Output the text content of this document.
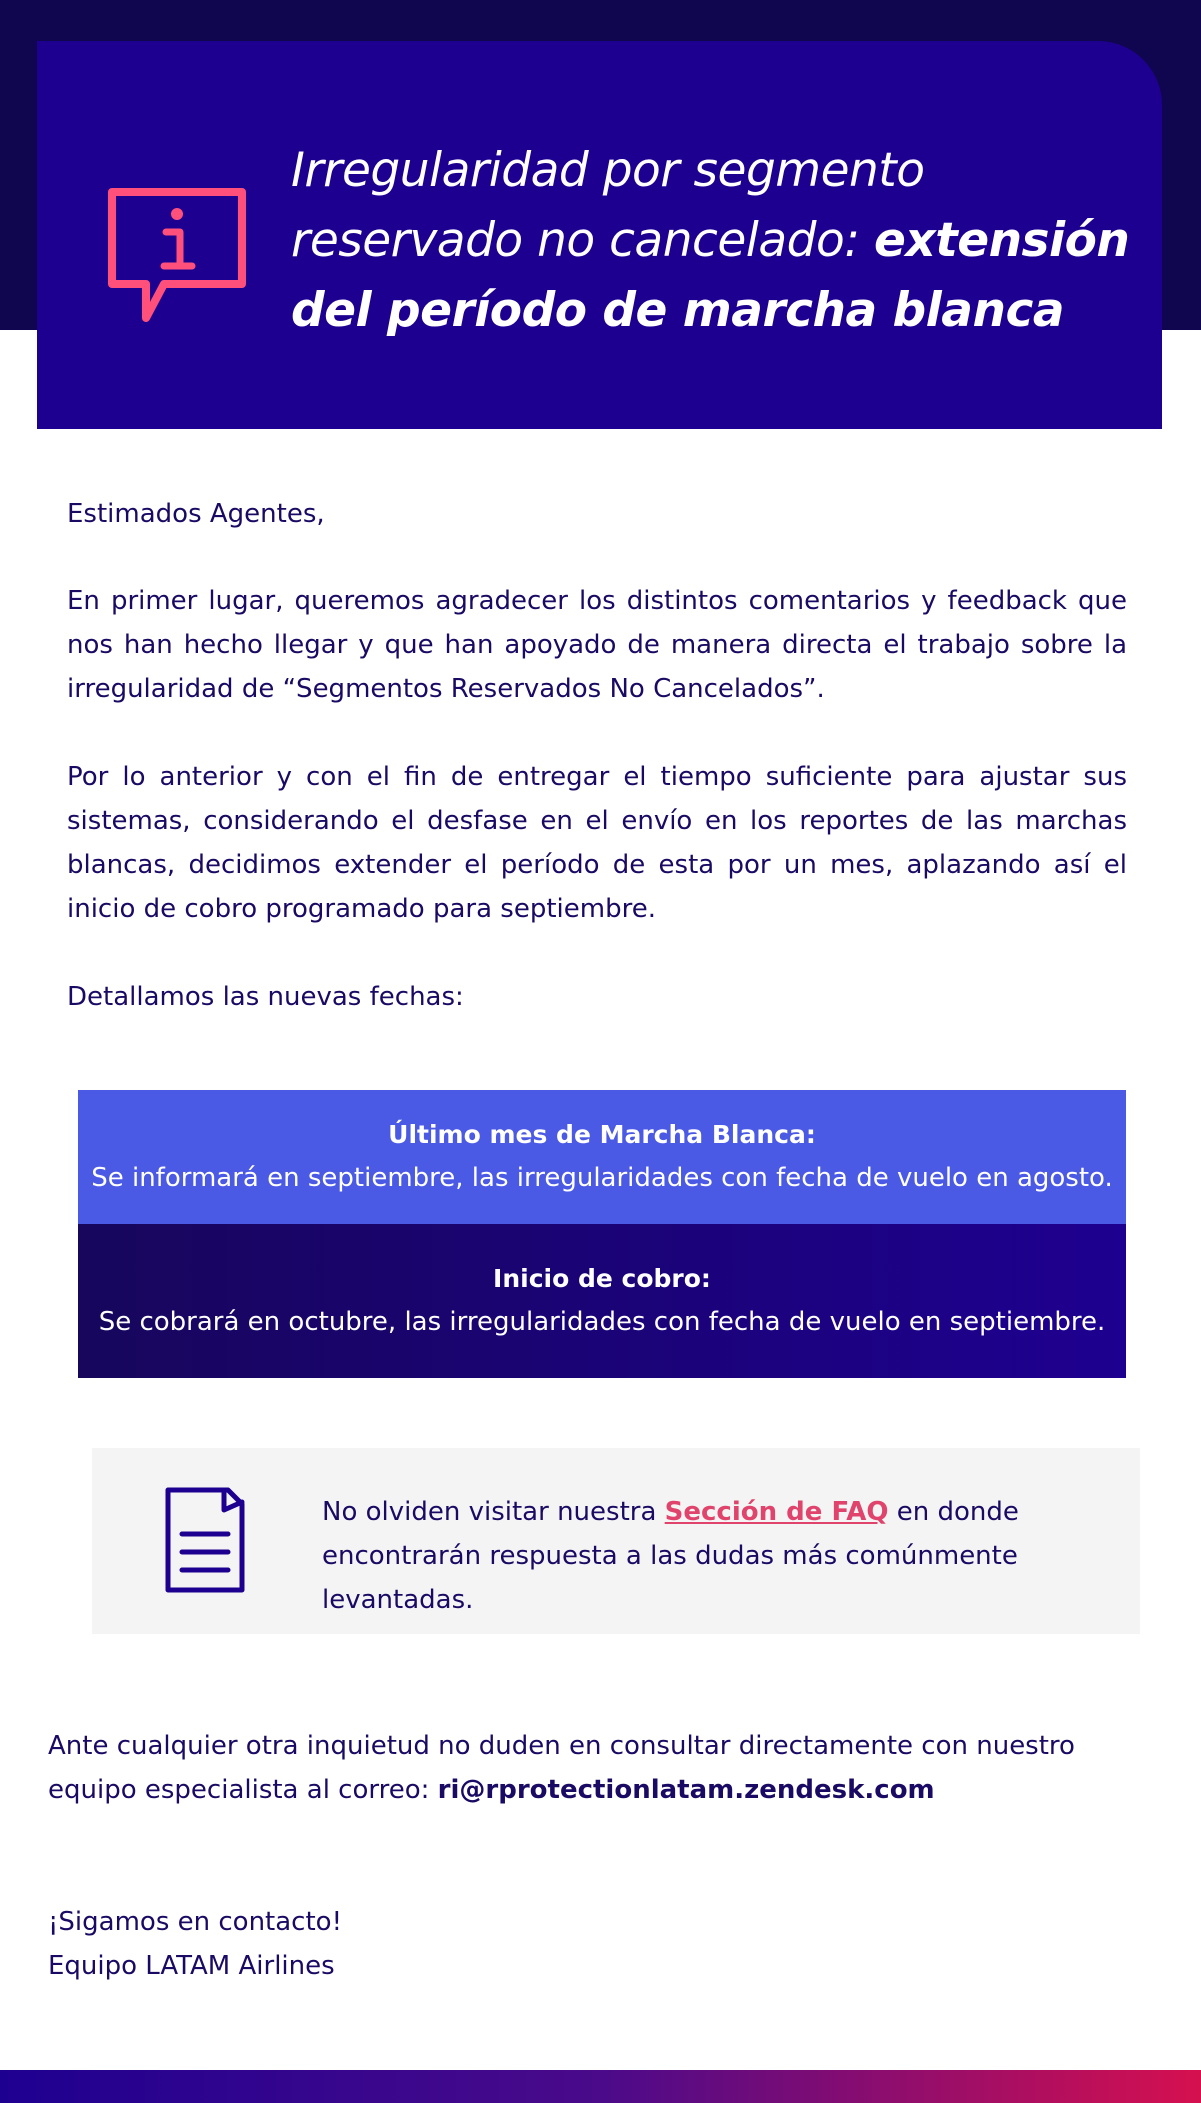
Irregularidad por segmento reservado no cancelado: extensión del período de marcha blanca
Estimados Agentes,
En primer lugar, queremos agradecer los distintos comentarios y feedback que nos han hecho llegar y que han apoyado de manera directa el trabajo sobre la irregularidad de “Segmentos Reservados No Cancelados”.
Por lo anterior y con el fin de entregar el tiempo suficiente para ajustar sus sistemas, considerando el desfase en el envío en los reportes de las marchas blancas, decidimos extender el período de esta por un mes, aplazando así el inicio de cobro programado para septiembre.
Detallamos las nuevas fechas:
Último mes de Marcha Blanca:
Se informará en septiembre, las irregularidades con fecha de vuelo en agosto.
Inicio de cobro:
Se cobrará en octubre, las irregularidades con fecha de vuelo en septiembre.
No olviden visitar nuestra Sección de FAQ en donde encontrarán respuesta a las dudas más comúnmente levantadas.
Ante cualquier otra inquietud no duden en consultar directamente con nuestro equipo especialista al correo: ri@rprotectionlatam.zendesk.com
¡Sigamos en contacto!
Equipo LATAM Airlines
